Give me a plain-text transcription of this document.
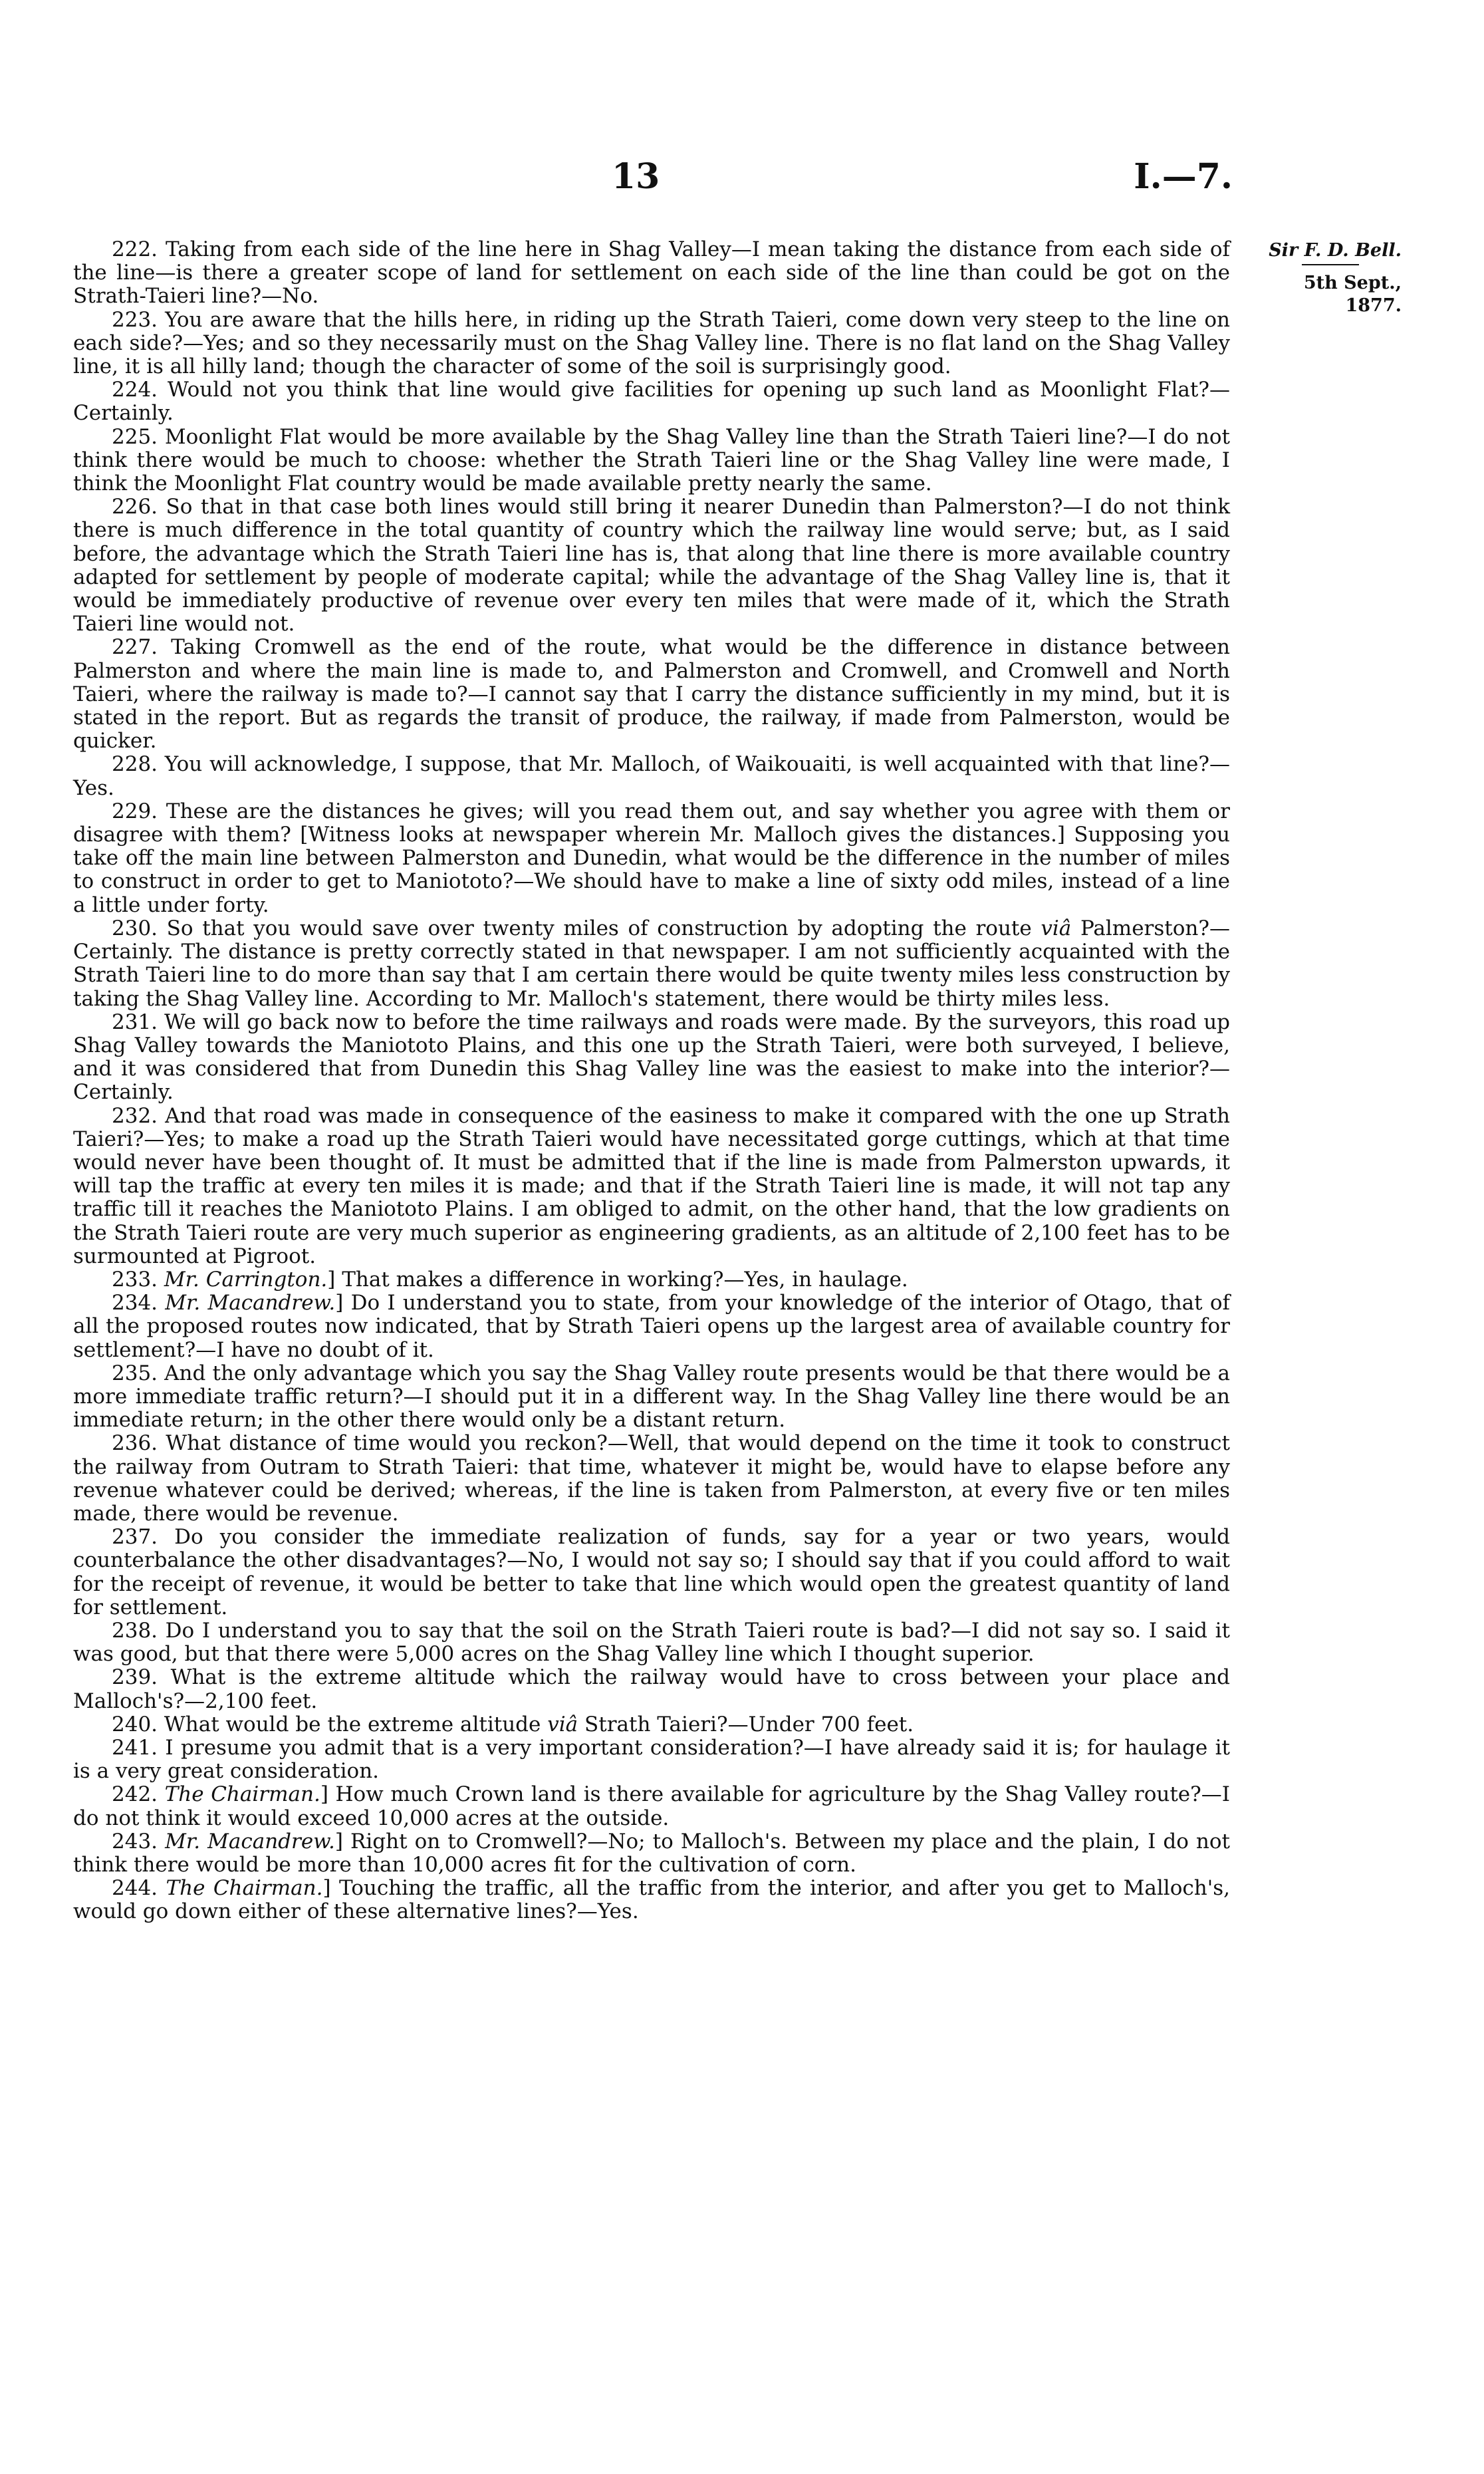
13	I.—7.
Sir F. D. Bell.
5th Sept., 1877.

222. Taking from each side of the line here in Shag Valley—I mean taking the distance from each side of the line—is there a greater scope of land for settlement on each side of the line than could be got on the Strath-Taieri line?—No.

223. You are aware that the hills here, in riding up the Strath Taieri, come down very steep to the line on each side?—Yes; and so they necessarily must on the Shag Valley line. There is no flat land on the Shag Valley line, it is all hilly land; though the character of some of the soil is surprisingly good.

224. Would not you think that line would give facilities for opening up such land as Moonlight Flat?—Certainly.

225. Moonlight Flat would be more available by the Shag Valley line than the Strath Taieri line?—I do not think there would be much to choose: whether the Strath Taieri line or the Shag Valley line were made, I think the Moonlight Flat country would be made available pretty nearly the same.

226. So that in that case both lines would still bring it nearer Dunedin than Palmerston?—I do not think there is much difference in the total quantity of country which the railway line would serve; but, as I said before, the advantage which the Strath Taieri line has is, that along that line there is more available country adapted for settlement by people of moderate capital; while the advantage of the Shag Valley line is, that it would be immediately productive of revenue over every ten miles that were made of it, which the Strath Taieri line would not.

227. Taking Cromwell as the end of the route, what would be the difference in distance between Palmerston and where the main line is made to, and Palmerston and Cromwell, and Cromwell and North Taieri, where the railway is made to?—I cannot say that I carry the distance sufficiently in my mind, but it is stated in the report. But as regards the transit of produce, the railway, if made from Palmerston, would be quicker.

228. You will acknowledge, I suppose, that Mr. Malloch, of Waikouaiti, is well acquainted with that line?—Yes.

229. These are the distances he gives; will you read them out, and say whether you agree with them or disagree with them? [Witness looks at newspaper wherein Mr. Malloch gives the distances.] Supposing you take off the main line between Palmerston and Dunedin, what would be the difference in the number of miles to construct in order to get to Maniototo?—We should have to make a line of sixty odd miles, instead of a line a little under forty.

230. So that you would save over twenty miles of construction by adopting the route viâ Palmerston?—Certainly. The distance is pretty correctly stated in that newspaper. I am not sufficiently acquainted with the Strath Taieri line to do more than say that I am certain there would be quite twenty miles less construction by taking the Shag Valley line. According to Mr. Malloch's statement, there would be thirty miles less.

231. We will go back now to before the time railways and roads were made. By the surveyors, this road up Shag Valley towards the Maniototo Plains, and this one up the Strath Taieri, were both surveyed, I believe, and it was considered that from Dunedin this Shag Valley line was the easiest to make into the interior?—Certainly.

232. And that road was made in consequence of the easiness to make it compared with the one up Strath Taieri?—Yes; to make a road up the Strath Taieri would have necessitated gorge cuttings, which at that time would never have been thought of. It must be admitted that if the line is made from Palmerston upwards, it will tap the traffic at every ten miles it is made; and that if the Strath Taieri line is made, it will not tap any traffic till it reaches the Maniototo Plains. I am obliged to admit, on the other hand, that the low gradients on the Strath Taieri route are very much superior as engineering gradients, as an altitude of 2,100 feet has to be surmounted at Pigroot.

233. Mr. Carrington.] That makes a difference in working?—Yes, in haulage.

234. Mr. Macandrew.] Do I understand you to state, from your knowledge of the interior of Otago, that of all the proposed routes now indicated, that by Strath Taieri opens up the largest area of available country for settlement?—I have no doubt of it.

235. And the only advantage which you say the Shag Valley route presents would be that there would be a more immediate traffic return?—I should put it in a different way. In the Shag Valley line there would be an immediate return; in the other there would only be a distant return.

236. What distance of time would you reckon?—Well, that would depend on the time it took to construct the railway from Outram to Strath Taieri: that time, whatever it might be, would have to elapse before any revenue whatever could be derived; whereas, if the line is taken from Palmerston, at every five or ten miles made, there would be revenue.

237. Do you consider the immediate realization of funds, say for a year or two years, would counterbalance the other disadvantages?—No, I would not say so; I should say that if you could afford to wait for the receipt of revenue, it would be better to take that line which would open the greatest quantity of land for settlement.

238. Do I understand you to say that the soil on the Strath Taieri route is bad?—I did not say so. I said it was good, but that there were 5,000 acres on the Shag Valley line which I thought superior.

239. What is the extreme altitude which the railway would have to cross between your place and Malloch's?—2,100 feet.

240. What would be the extreme altitude viâ Strath Taieri?—Under 700 feet.

241. I presume you admit that is a very important consideration?—I have already said it is; for haulage it is a very great consideration.

242. The Chairman.] How much Crown land is there available for agriculture by the Shag Valley route?—I do not think it would exceed 10,000 acres at the outside.

243. Mr. Macandrew.] Right on to Cromwell?—No; to Malloch's. Between my place and the plain, I do not think there would be more than 10,000 acres fit for the cultivation of corn.

244. The Chairman.] Touching the traffic, all the traffic from the interior, and after you get to Malloch's, would go down either of these alternative lines?—Yes.
